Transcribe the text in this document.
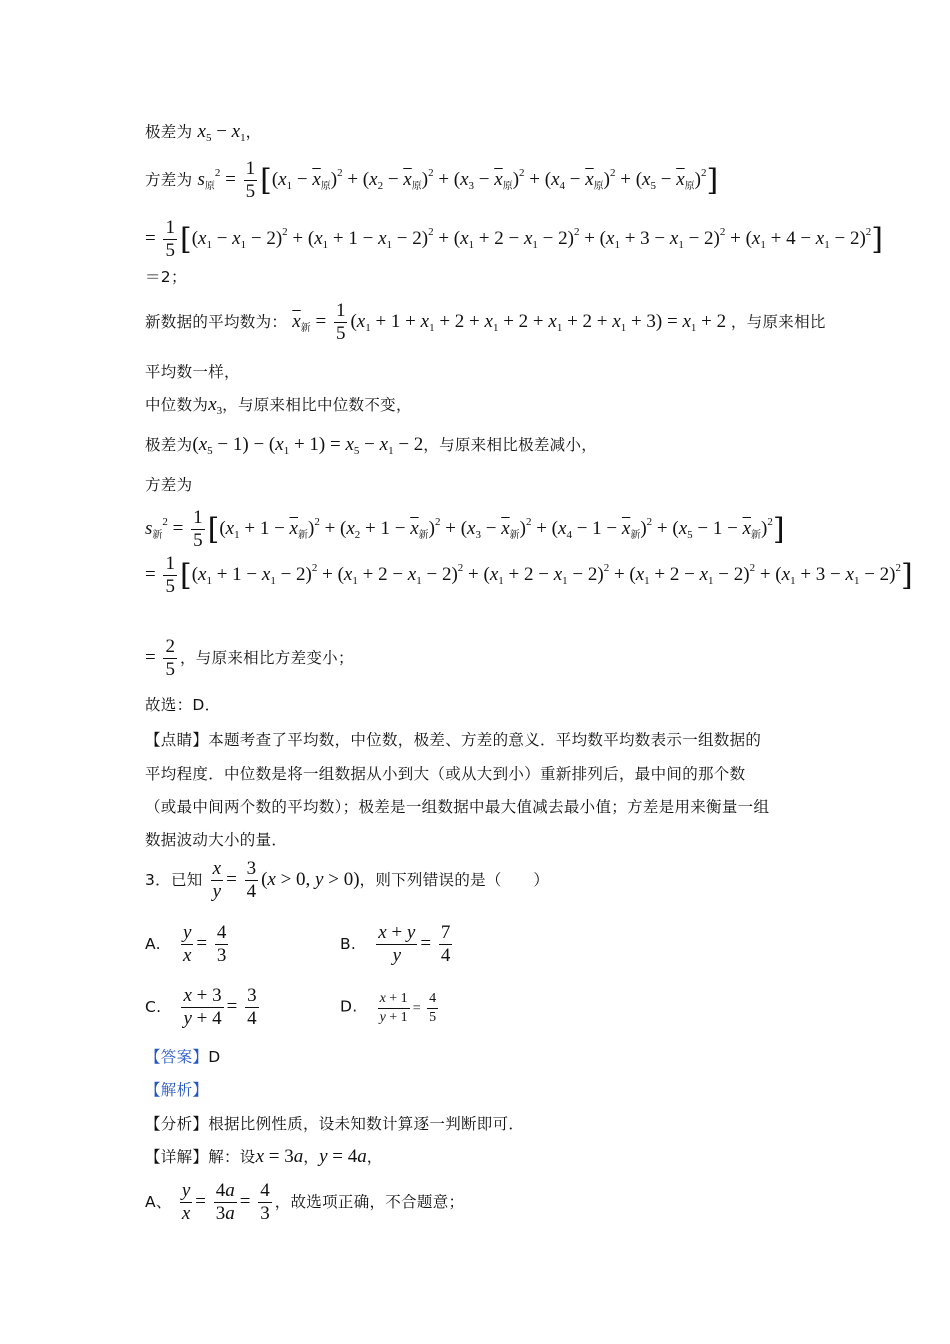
极差为 $x_5 - x_1$，
方差为 $s_原^2 = \frac{1}{5} [(x_1 - \overline{x}_原)^2 + (x_2 - \overline{x}_原)^2 + (x_3 - \overline{x}_原)^2 + (x_4 - \overline{x}_原)^2 + (x_5 - \overline{x}_原)^2]$
= $\frac{1}{5} [(x_1 - x_1 - 2)^2 + (x_1 + 1 - x_1 - 2)^2 + (x_1 + 2 - x_1 - 2)^2 + (x_1 + 3 - x_1 - 2)^2 + (x_1 + 4 - x_1 - 2)^2]$
＝2；
新数据的平均数为： $\overline{x}_新 = \frac{1}{5} (x_1 + 1 + x_1 + 2 + x_1 + 2 + x_1 + 2 + x_1 + 3) = x_1 + 2$ ，与原来相比
平均数一样，
中位数为$x_3$，与原来相比中位数不变，
极差为$(x_5 - 1) - (x_1 + 1) = x_5 - x_1 - 2$，与原来相比极差减小，
方差为
$s_新^2 = \frac{1}{5} [(x_1 + 1 - \overline{x}_新)^2 + (x_2 + 1 - \overline{x}_新)^2 + (x_3 - \overline{x}_新)^2 + (x_4 - 1 - \overline{x}_新)^2 + (x_5 - 1 - \overline{x}_新)^2]$
= $\frac{1}{5} [(x_1 + 1 - x_1 - 2)^2 + (x_1 + 2 - x_1 - 2)^2 + (x_1 + 2 - x_1 - 2)^2 + (x_1 + 2 - x_1 - 2)^2 + (x_1 + 3 - x_1 - 2)^2]$
= $\frac{2}{5}$ ，与原来相比方差变小；
故选：D．
【点睛】本题考查了平均数，中位数，极差、方差的意义．平均数平均数表示一组数据的
平均程度．中位数是将一组数据从小到大（或从大到小）重新排列后，最中间的那个数
（或最中间两个数的平均数）；极差是一组数据中最大值减去最小值；方差是用来衡量一组
数据波动大小的量．
3．已知 $\frac{x}{y} = \frac{3}{4} (x > 0$, y > 0)，则下列错误的是（　　）
A. $\frac{y}{x} = \frac{4}{3}$	B. $\frac{x + y}{y} = \frac{7}{4}$
C. $\frac{x + 3}{y + 4} = \frac{3}{4}$	D. $\frac{x + 1}{y + 1} = \frac{4}{5}$
【答案】D
【解析】
【分析】根据比例性质，设未知数计算逐一判断即可．
【详解】解：设x = 3a，y = 4a，
A、 $\frac{y}{x} = \frac{4a}{3a} = \frac{4}{3}$ ，故选项正确，不合题意；
